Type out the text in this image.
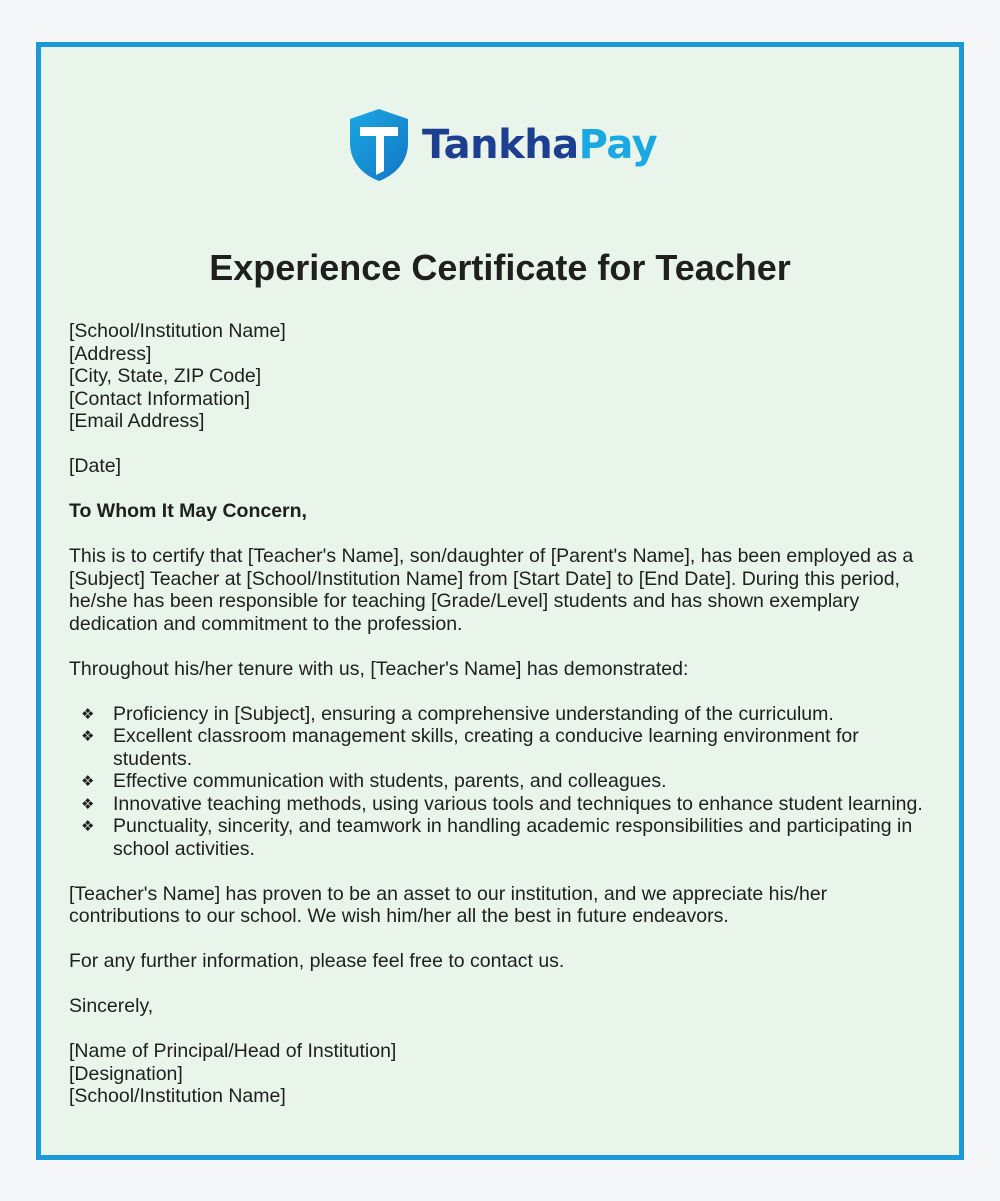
TankhaPay
Experience Certificate for Teacher

[School/Institution Name]

[Address]

[City, State, ZIP Code]

[Contact Information]

[Email Address]

[Date]

To Whom It May Concern,

This is to certify that [Teacher's Name], son/daughter of [Parent's Name], has been employed as a [Subject] Teacher at [School/Institution Name] from [Start Date] to [End Date]. During this period, he/she has been responsible for teaching [Grade/Level] students and has shown exemplary dedication and commitment to the profession.

Throughout his/her tenure with us, [Teacher's Name] has demonstrated:

❖ Proficiency in [Subject], ensuring a comprehensive understanding of the curriculum.
❖ Excellent classroom management skills, creating a conducive learning environment for students.
❖ Effective communication with students, parents, and colleagues.
❖ Innovative teaching methods, using various tools and techniques to enhance student learning.
❖ Punctuality, sincerity, and teamwork in handling academic responsibilities and participating in school activities.

[Teacher's Name] has proven to be an asset to our institution, and we appreciate his/her contributions to our school. We wish him/her all the best in future endeavors.

For any further information, please feel free to contact us.

Sincerely,

[Name of Principal/Head of Institution]

[Designation]

[School/Institution Name]
